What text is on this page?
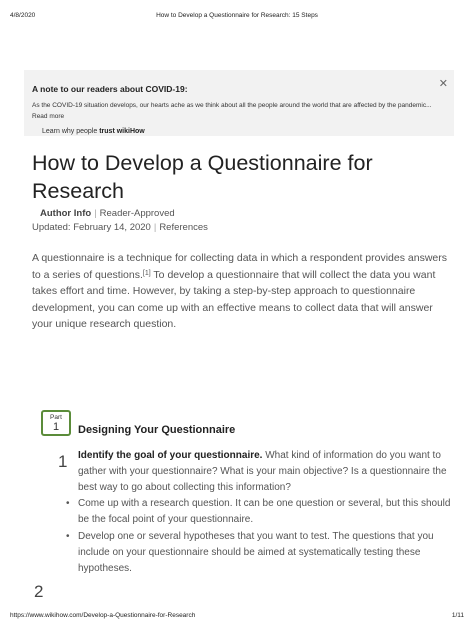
4/8/2020	How to Develop a Questionnaire for Research: 15 Steps
A note to our readers about COVID-19:	✕
As the COVID-19 situation develops, our hearts ache as we think about all the people around the world that are affected by the pandemic... Read more
Learn why people trust wikiHow
How to Develop a Questionnaire for Research
Author Info | Reader-Approved
Updated: February 14, 2020 | References
A questionnaire is a technique for collecting data in which a respondent provides answers to a series of questions.[1] To develop a questionnaire that will collect the data you want takes effort and time. However, by taking a step-by-step approach to questionnaire development, you can come up with an effective means to collect data that will answer your unique research question.
Part
1	Designing Your Questionnaire
1 Identify the goal of your questionnaire. What kind of information do you want to gather with your questionnaire? What is your main objective? Is a questionnaire the best way to go about collecting this information?
• Come up with a research question. It can be one question or several, but this should be the focal point of your questionnaire.
• Develop one or several hypotheses that you want to test. The questions that you include on your questionnaire should be aimed at systematically testing these hypotheses.
2
https://www.wikihow.com/Develop-a-Questionnaire-for-Research	1/11
